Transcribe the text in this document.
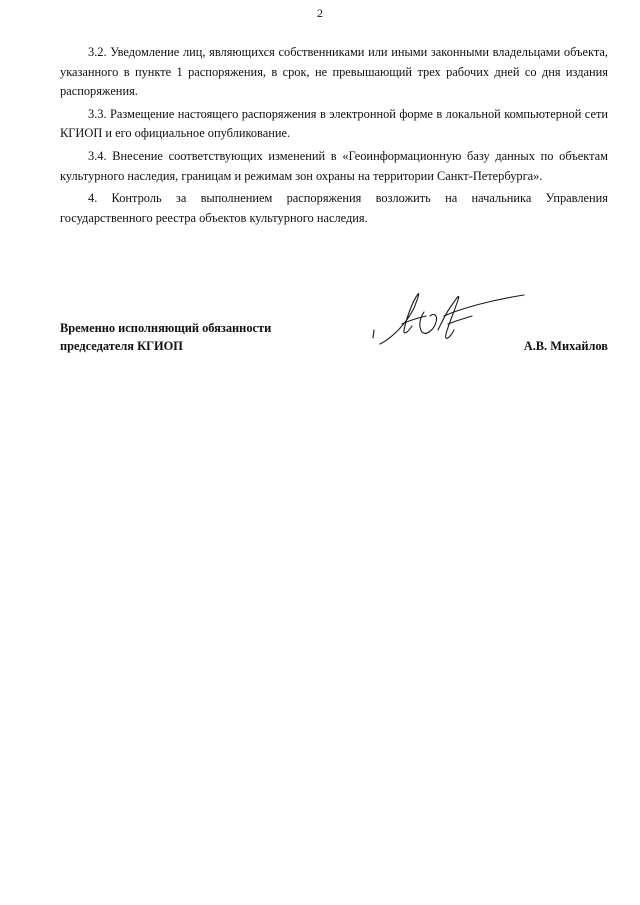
2

3.2. Уведомление лиц, являющихся собственниками или иными законными владельцами объекта, указанного в пункте 1 распоряжения, в срок, не превышающий трех рабочих дней со дня издания распоряжения.

3.3. Размещение настоящего распоряжения в электронной форме в локальной компьютерной сети КГИОП и его официальное опубликование.

3.4. Внесение соответствующих изменений в «Геоинформационную базу данных по объектам культурного наследия, границам и режимам зон охраны на территории Санкт-Петербурга».

4. Контроль за выполнением распоряжения возложить на начальника Управления государственного реестра объектов культурного наследия.

Временно исполняющий обязанности
председателя КГИОП	А.В. Михайлов
